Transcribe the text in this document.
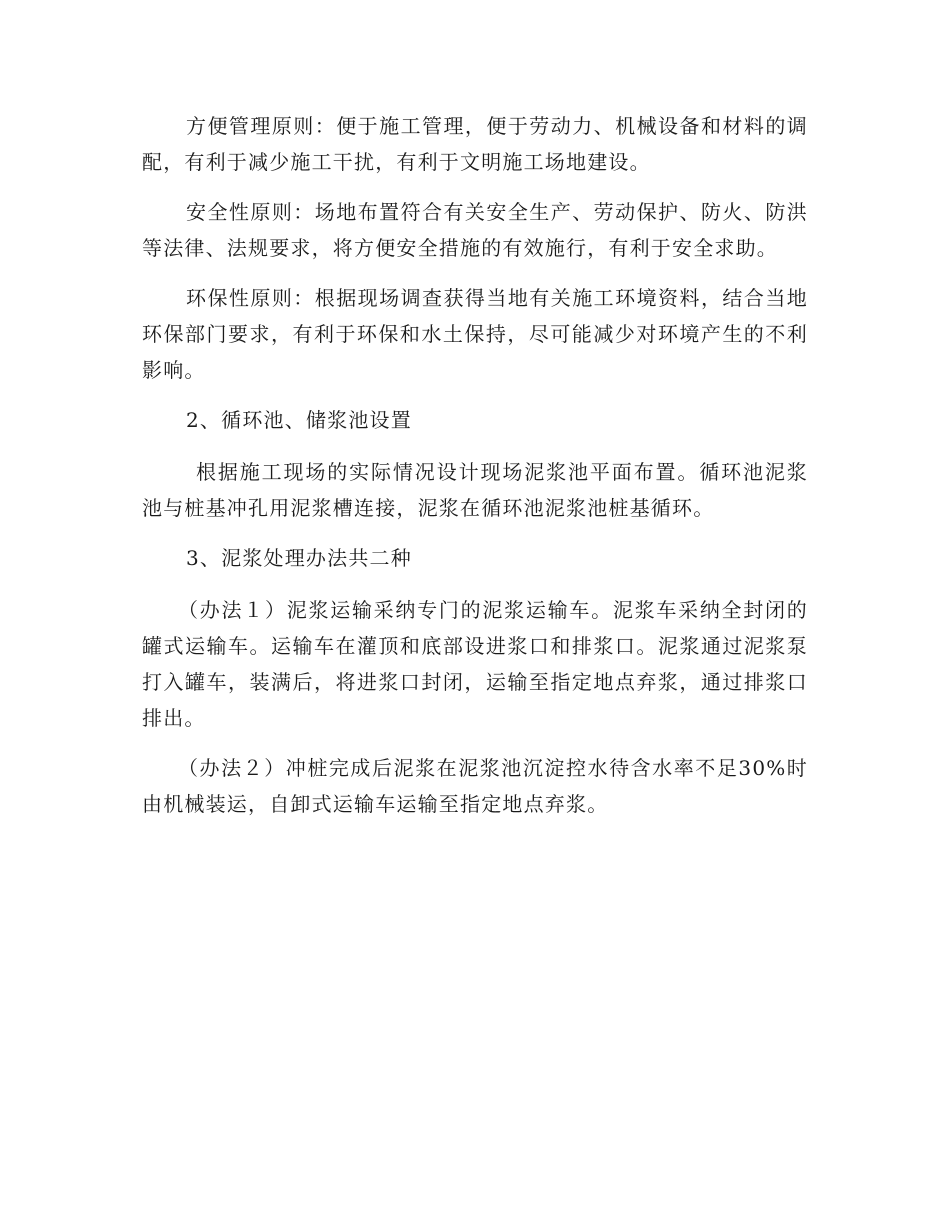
方便管理原则：便于施工管理，便于劳动力、机械设备和材料的调配，有利于减少施工干扰，有利于文明施工场地建设。

安全性原则：场地布置符合有关安全生产、劳动保护、防火、防洪等法律、法规要求，将方便安全措施的有效施行，有利于安全求助。

环保性原则：根据现场调查获得当地有关施工环境资料，结合当地环保部门要求，有利于环保和水土保持，尽可能减少对环境产生的不利影响。

2、循环池、储浆池设置

根据施工现场的实际情况设计现场泥浆池平面布置。循环池泥浆池与桩基冲孔用泥浆槽连接，泥浆在循环池泥浆池桩基循环。

3、泥浆处理办法共二种

（办法１）泥浆运输采纳专门的泥浆运输车。泥浆车采纳全封闭的罐式运输车。运输车在灌顶和底部设进浆口和排浆口。泥浆通过泥浆泵打入罐车，装满后，将进浆口封闭，运输至指定地点弃浆，通过排浆口排出。

（办法２）冲桩完成后泥浆在泥浆池沉淀控水待含水率不足30%时由机械装运，自卸式运输车运输至指定地点弃浆。
